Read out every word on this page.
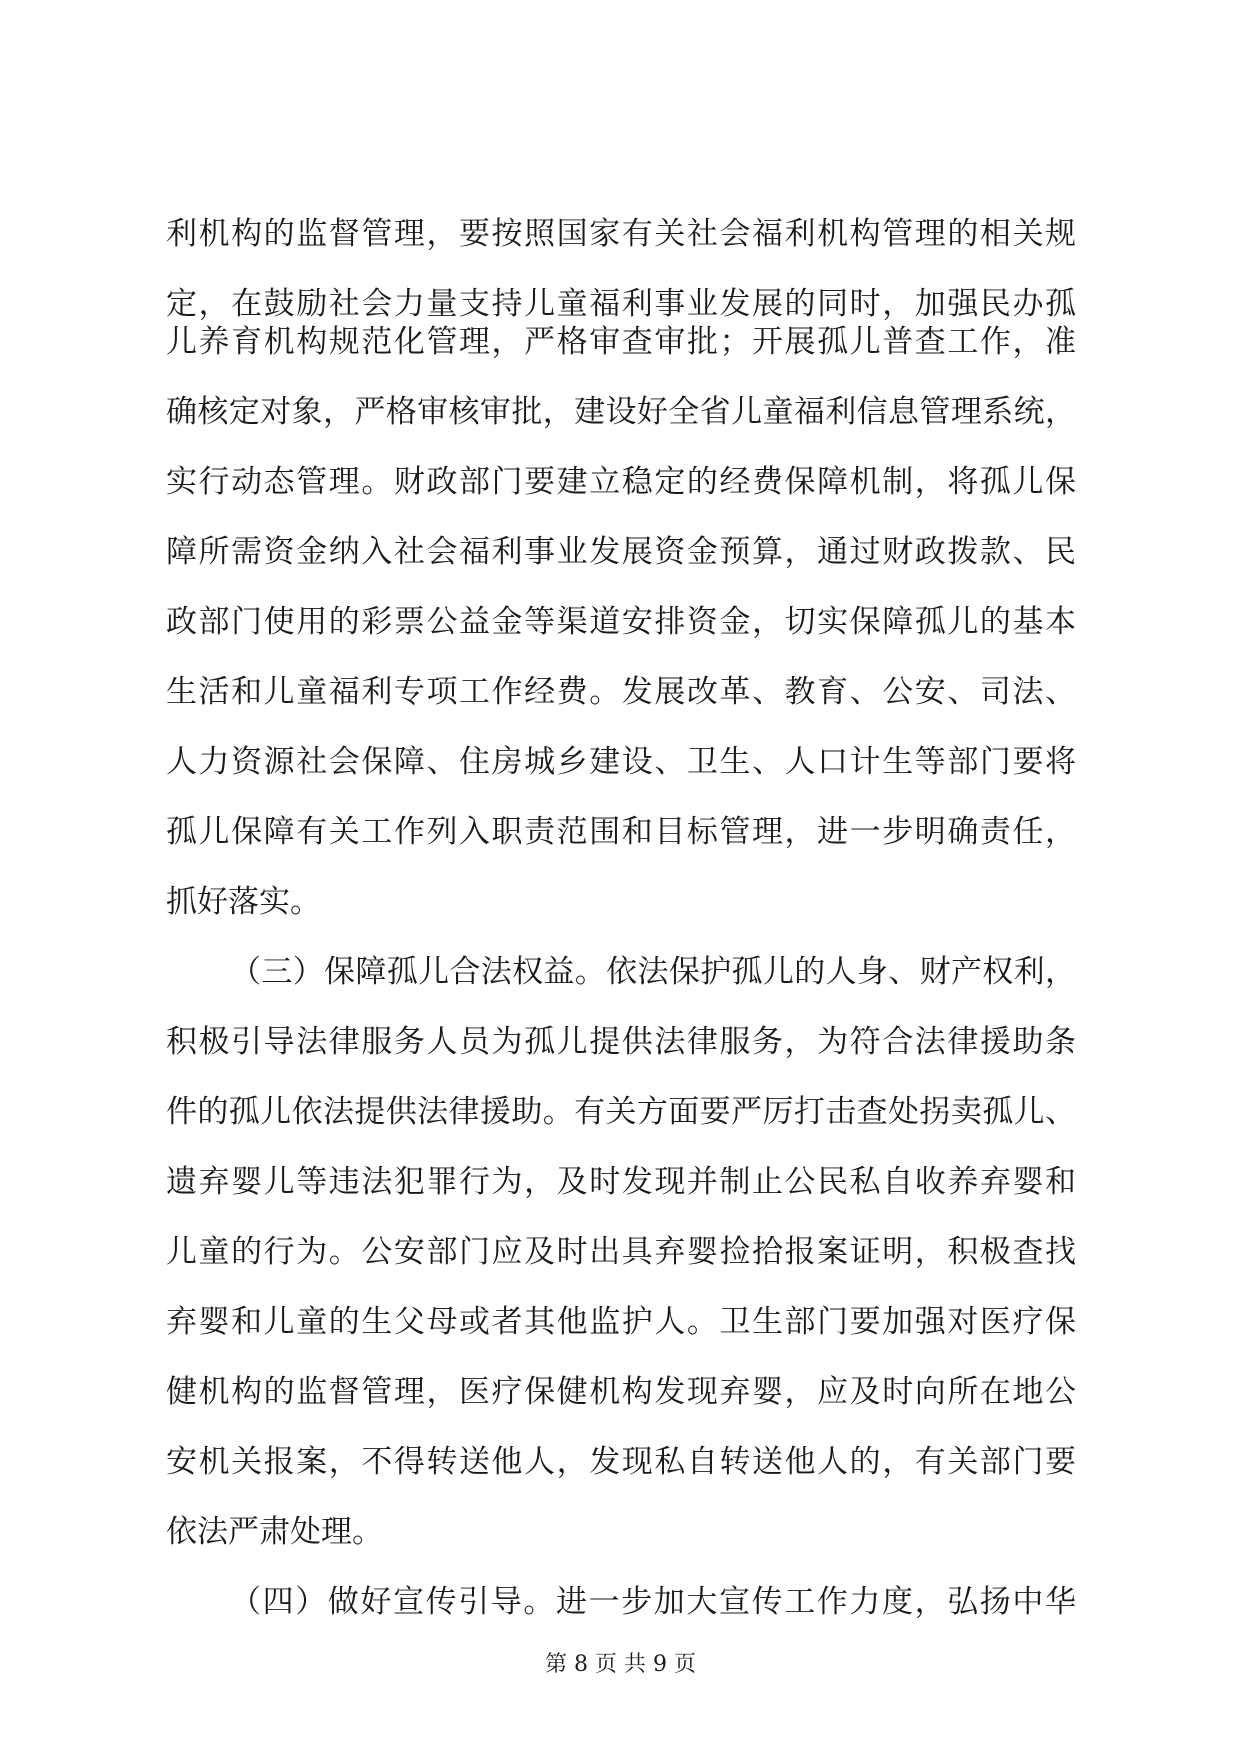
利机构的监督管理，要按照国家有关社会福利机构管理的相关规
定，在鼓励社会力量支持儿童福利事业发展的同时，加强民办孤
儿养育机构规范化管理，严格审查审批；开展孤儿普查工作，准
确核定对象，严格审核审批，建设好全省儿童福利信息管理系统，
实行动态管理。财政部门要建立稳定的经费保障机制，将孤儿保
障所需资金纳入社会福利事业发展资金预算，通过财政拨款、民
政部门使用的彩票公益金等渠道安排资金，切实保障孤儿的基本
生活和儿童福利专项工作经费。发展改革、教育、公安、司法、
人力资源社会保障、住房城乡建设、卫生、人口计生等部门要将
孤儿保障有关工作列入职责范围和目标管理，进一步明确责任，
抓好落实。
（三）保障孤儿合法权益。依法保护孤儿的人身、财产权利，
积极引导法律服务人员为孤儿提供法律服务，为符合法律援助条
件的孤儿依法提供法律援助。有关方面要严厉打击查处拐卖孤儿、
遗弃婴儿等违法犯罪行为，及时发现并制止公民私自收养弃婴和
儿童的行为。公安部门应及时出具弃婴捡拾报案证明，积极查找
弃婴和儿童的生父母或者其他监护人。卫生部门要加强对医疗保
健机构的监督管理，医疗保健机构发现弃婴，应及时向所在地公
安机关报案，不得转送他人，发现私自转送他人的，有关部门要
依法严肃处理。
（四）做好宣传引导。进一步加大宣传工作力度，弘扬中华
第 8 页 共 9 页
